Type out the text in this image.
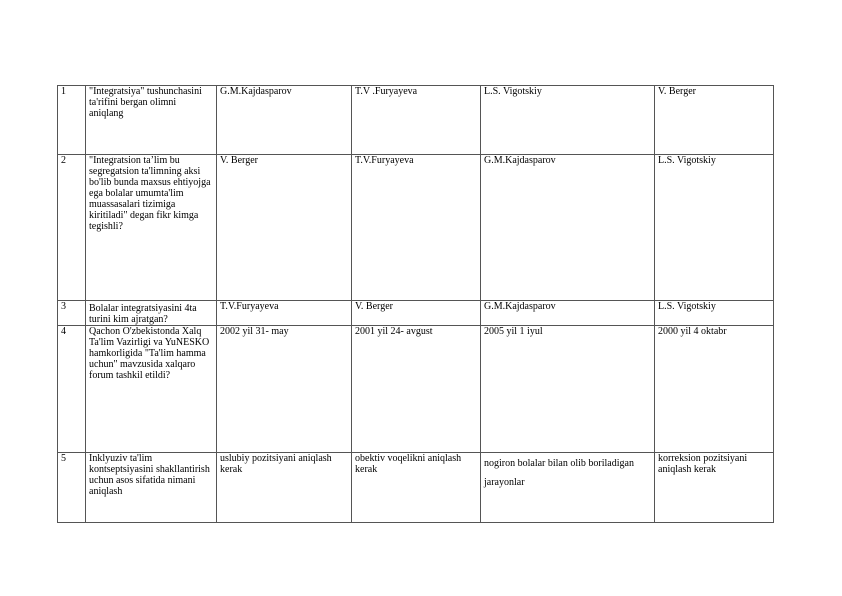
1	"Integratsiya" tushunchasini ta'rifini bergan olimni aniqlang	G.M.Kajdasparov	T.V .Furyayeva	L.S. Vigotskiy	V. Berger
2	"Integratsion ta’lim bu segregatsion ta'limning aksi bo'lib bunda maxsus ehtiyojga ega bolalar umumta'lim muassasalari tizimiga kiritiladi" degan fikr kimga tegishli?	V. Berger	T.V.Furyayeva	G.M.Kajdasparov	L.S. Vigotskiy
3	Bolalar integratsiyasini 4ta turini kim ajratgan?	T.V.Furyayeva	V. Berger	G.M.Kajdasparov	L.S. Vigotskiy
4	Qachon O'zbekistonda Xalq Ta'lim Vazirligi va YuNESKO hamkorligida "Ta'lim hamma uchun" mavzusida xalqaro forum tashkil etildi?	2002 yil 31- may	2001 yil 24- avgust	2005 yil 1 iyul	2000 yil 4 oktabr
5	Inklyuziv ta'lim kontseptsiyasini shakllantirish uchun asos sifatida nimani aniqlash	uslubiy pozitsiyani aniqlash kerak	obektiv voqelikni aniqlash kerak	nogiron bolalar bilan olib boriladigan jarayonlar	korreksion pozitsiyani aniqlash kerak
